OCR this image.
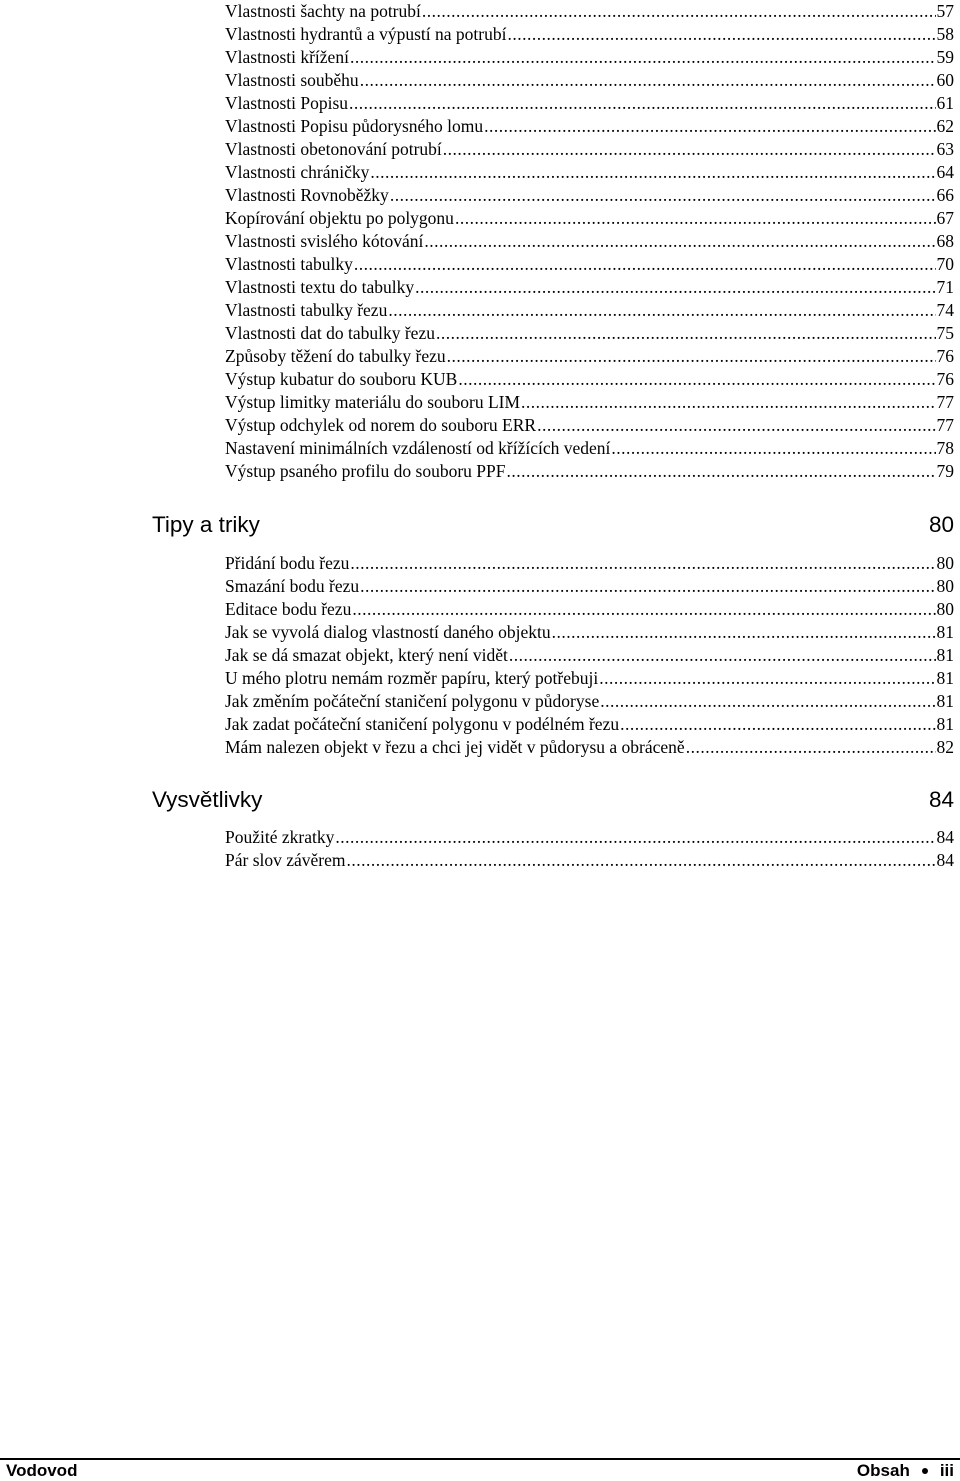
Vlastnosti šachty na potrubí .....	57
Vlastnosti hydrantů a výpustí na potrubí .....	58
Vlastnosti křížení .....	59
Vlastnosti souběhu .....	60
Vlastnosti Popisu .....	61
Vlastnosti Popisu půdorysného lomu .....	62
Vlastnosti obetonování potrubí .....	63
Vlastnosti chráničky .....	64
Vlastnosti Rovnoběžky .....	66
Kopírování objektu po polygonu .....	67
Vlastnosti svislého kótování .....	68
Vlastnosti tabulky .....	70
Vlastnosti textu do tabulky .....	71
Vlastnosti tabulky řezu .....	74
Vlastnosti dat do tabulky řezu .....	75
Způsoby těžení do tabulky řezu .....	76
Výstup kubatur do souboru KUB .....	76
Výstup limitky materiálu do souboru LIM .....	77
Výstup odchylek od norem do souboru ERR .....	77
Nastavení minimálních vzdáleností od křížících vedení .....	78
Výstup psaného profilu do souboru PPF .....	79
Tipy a triky	80
Přidání bodu řezu .....	80
Smazání bodu řezu .....	80
Editace bodu řezu .....	80
Jak se vyvolá dialog vlastností daného objektu .....	81
Jak se dá smazat objekt, který není vidět .....	81
U mého plotru nemám rozměr papíru, který potřebuji .....	81
Jak změním počáteční staničení polygonu v půdoryse .....	81
Jak zadat počáteční staničení polygonu v podélném řezu .....	81
Mám nalezen objekt v řezu a chci jej vidět v půdorysu a obráceně .....	82
Vysvětlivky	84
Použité zkratky .....	84
Pár slov závěrem .....	84
Vodovod	Obsah iii
